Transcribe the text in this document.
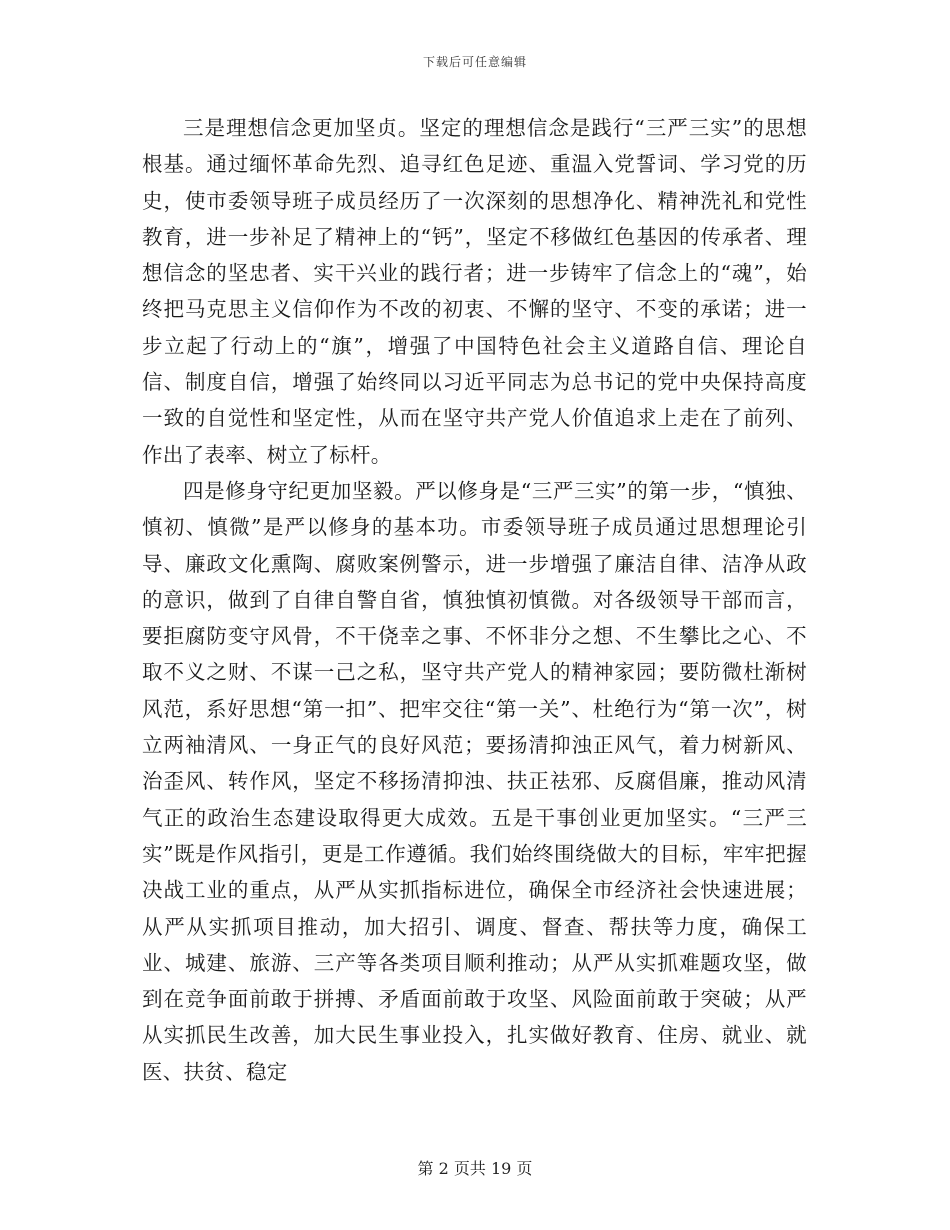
下载后可任意编辑

三是理想信念更加坚贞。坚定的理想信念是践行“三严三实”的思想根基。通过缅怀革命先烈、追寻红色足迹、重温入党誓词、学习党的历史，使市委领导班子成员经历了一次深刻的思想净化、精神洗礼和党性教育，进一步补足了精神上的“钙”，坚定不移做红色基因的传承者、理想信念的坚忠者、实干兴业的践行者；进一步铸牢了信念上的“魂”，始终把马克思主义信仰作为不改的初衷、不懈的坚守、不变的承诺；进一步立起了行动上的“旗”，增强了中国特色社会主义道路自信、理论自信、制度自信，增强了始终同以习近平同志为总书记的党中央保持高度一致的自觉性和坚定性，从而在坚守共产党人价值追求上走在了前列、作出了表率、树立了标杆。

四是修身守纪更加坚毅。严以修身是“三严三实”的第一步，“慎独、慎初、慎微”是严以修身的基本功。市委领导班子成员通过思想理论引导、廉政文化熏陶、腐败案例警示，进一步增强了廉洁自律、洁净从政的意识，做到了自律自警自省，慎独慎初慎微。对各级领导干部而言，要拒腐防变守风骨，不干侥幸之事、不怀非分之想、不生攀比之心、不取不义之财、不谋一己之私，坚守共产党人的精神家园；要防微杜渐树风范，系好思想“第一扣”、把牢交往“第一关”、杜绝行为“第一次”，树立两袖清风、一身正气的良好风范；要扬清抑浊正风气，着力树新风、治歪风、转作风，坚定不移扬清抑浊、扶正祛邪、反腐倡廉，推动风清气正的政治生态建设取得更大成效。五是干事创业更加坚实。“三严三实”既是作风指引，更是工作遵循。我们始终围绕做大的目标，牢牢把握决战工业的重点，从严从实抓指标进位，确保全市经济社会快速进展；从严从实抓项目推动，加大招引、调度、督查、帮扶等力度，确保工业、城建、旅游、三产等各类项目顺利推动；从严从实抓难题攻坚，做到在竞争面前敢于拼搏、矛盾面前敢于攻坚、风险面前敢于突破；从严从实抓民生改善，加大民生事业投入，扎实做好教育、住房、就业、就医、扶贫、稳定

第 2 页共 19 页
